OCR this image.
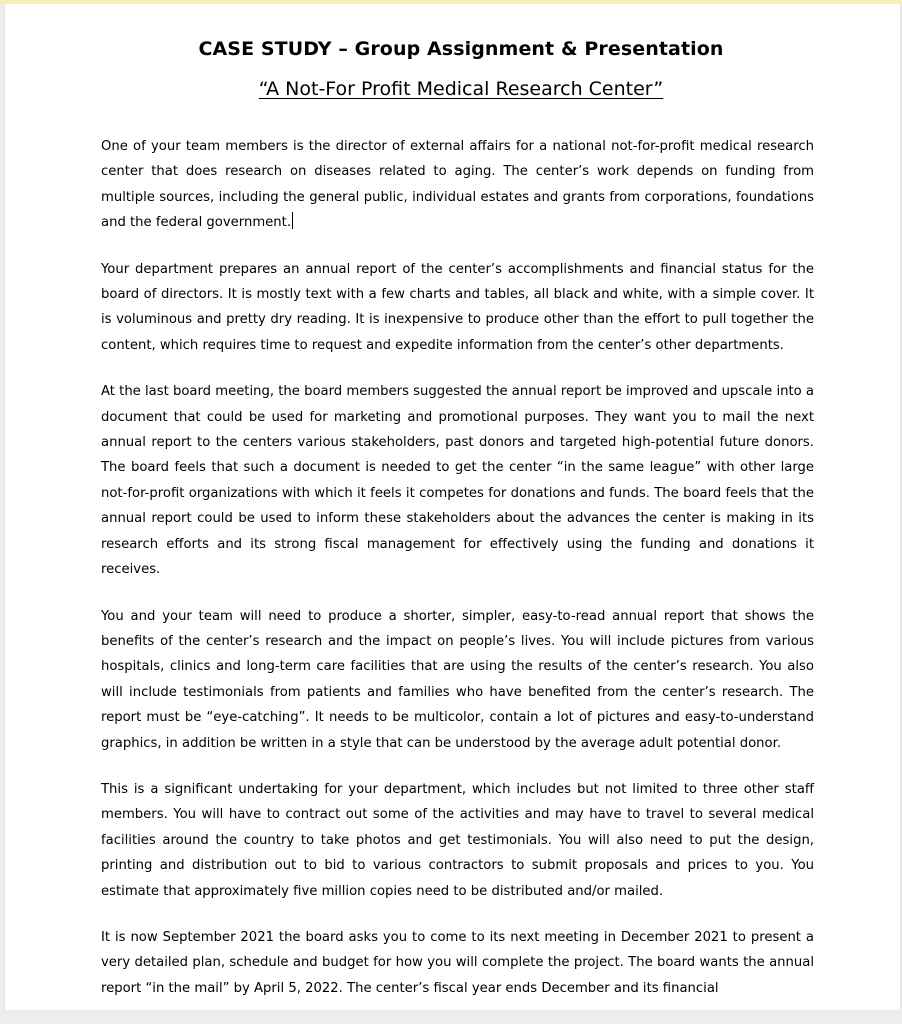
CASE STUDY – Group Assignment & Presentation
“A Not-For Profit Medical Research Center”

One of your team members is the director of external affairs for a national not-for-profit medical research center that does research on diseases related to aging. The center’s work depends on funding from multiple sources, including the general public, individual estates and grants from corporations, foundations and the federal government.

Your department prepares an annual report of the center’s accomplishments and financial status for the board of directors. It is mostly text with a few charts and tables, all black and white, with a simple cover. It is voluminous and pretty dry reading. It is inexpensive to produce other than the effort to pull together the content, which requires time to request and expedite information from the center’s other departments.

At the last board meeting, the board members suggested the annual report be improved and upscale into a document that could be used for marketing and promotional purposes. They want you to mail the next annual report to the centers various stakeholders, past donors and targeted high-potential future donors. The board feels that such a document is needed to get the center “in the same league” with other large not-for-profit organizations with which it feels it competes for donations and funds. The board feels that the annual report could be used to inform these stakeholders about the advances the center is making in its research efforts and its strong fiscal management for effectively using the funding and donations it receives.

You and your team will need to produce a shorter, simpler, easy-to-read annual report that shows the benefits of the center’s research and the impact on people’s lives. You will include pictures from various hospitals, clinics and long-term care facilities that are using the results of the center’s research. You also will include testimonials from patients and families who have benefited from the center’s research. The report must be “eye-catching”. It needs to be multicolor, contain a lot of pictures and easy-to-understand graphics, in addition be written in a style that can be understood by the average adult potential donor.

This is a significant undertaking for your department, which includes but not limited to three other staff members. You will have to contract out some of the activities and may have to travel to several medical facilities around the country to take photos and get testimonials. You will also need to put the design, printing and distribution out to bid to various contractors to submit proposals and prices to you. You estimate that approximately five million copies need to be distributed and/or mailed.

It is now September 2021 the board asks you to come to its next meeting in December 2021 to present a very detailed plan, schedule and budget for how you will complete the project. The board wants the annual report “in the mail” by April 5, 2022. The center’s fiscal year ends December and its financial
